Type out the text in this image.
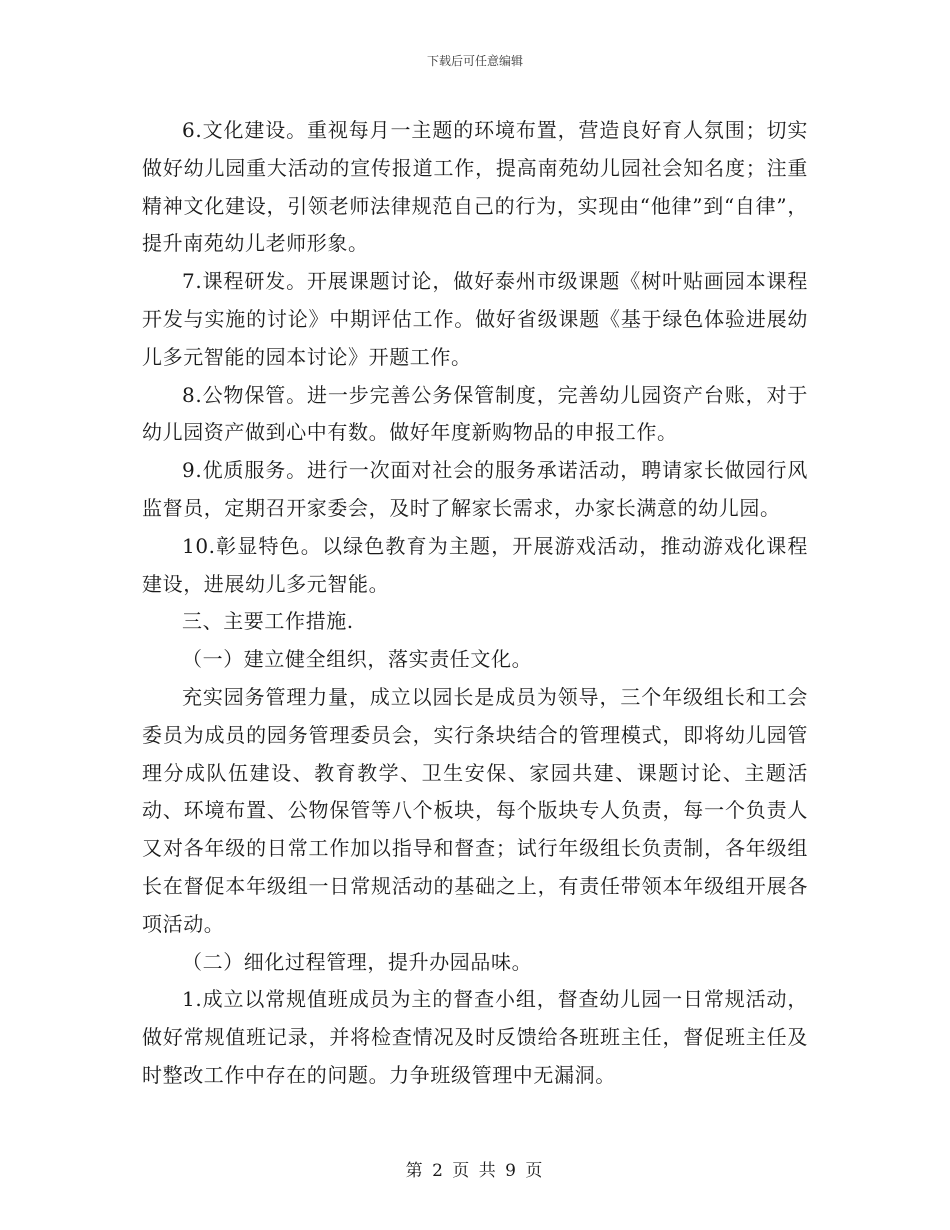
下载后可任意编辑

6.文化建设。重视每月一主题的环境布置，营造良好育人氛围；切实做好幼儿园重大活动的宣传报道工作，提高南苑幼儿园社会知名度；注重精神文化建设，引领老师法律规范自己的行为，实现由“他律”到“自律”，提升南苑幼儿老师形象。

7.课程研发。开展课题讨论，做好泰州市级课题《树叶贴画园本课程开发与实施的讨论》中期评估工作。做好省级课题《基于绿色体验进展幼儿多元智能的园本讨论》开题工作。

8.公物保管。进一步完善公务保管制度，完善幼儿园资产台账，对于幼儿园资产做到心中有数。做好年度新购物品的申报工作。

9.优质服务。进行一次面对社会的服务承诺活动，聘请家长做园行风监督员，定期召开家委会，及时了解家长需求，办家长满意的幼儿园。

10.彰显特色。以绿色教育为主题，开展游戏活动，推动游戏化课程建设，进展幼儿多元智能。

三、主要工作措施.

（一）建立健全组织，落实责任文化。

充实园务管理力量，成立以园长是成员为领导，三个年级组长和工会委员为成员的园务管理委员会，实行条块结合的管理模式，即将幼儿园管理分成队伍建设、教育教学、卫生安保、家园共建、课题讨论、主题活动、环境布置、公物保管等八个板块，每个版块专人负责，每一个负责人又对各年级的日常工作加以指导和督查；试行年级组长负责制，各年级组长在督促本年级组一日常规活动的基础之上，有责任带领本年级组开展各项活动。

（二）细化过程管理，提升办园品味。

1.成立以常规值班成员为主的督查小组，督查幼儿园一日常规活动，做好常规值班记录，并将检查情况及时反馈给各班班主任，督促班主任及时整改工作中存在的问题。力争班级管理中无漏洞。

第 2 页 共 9 页
